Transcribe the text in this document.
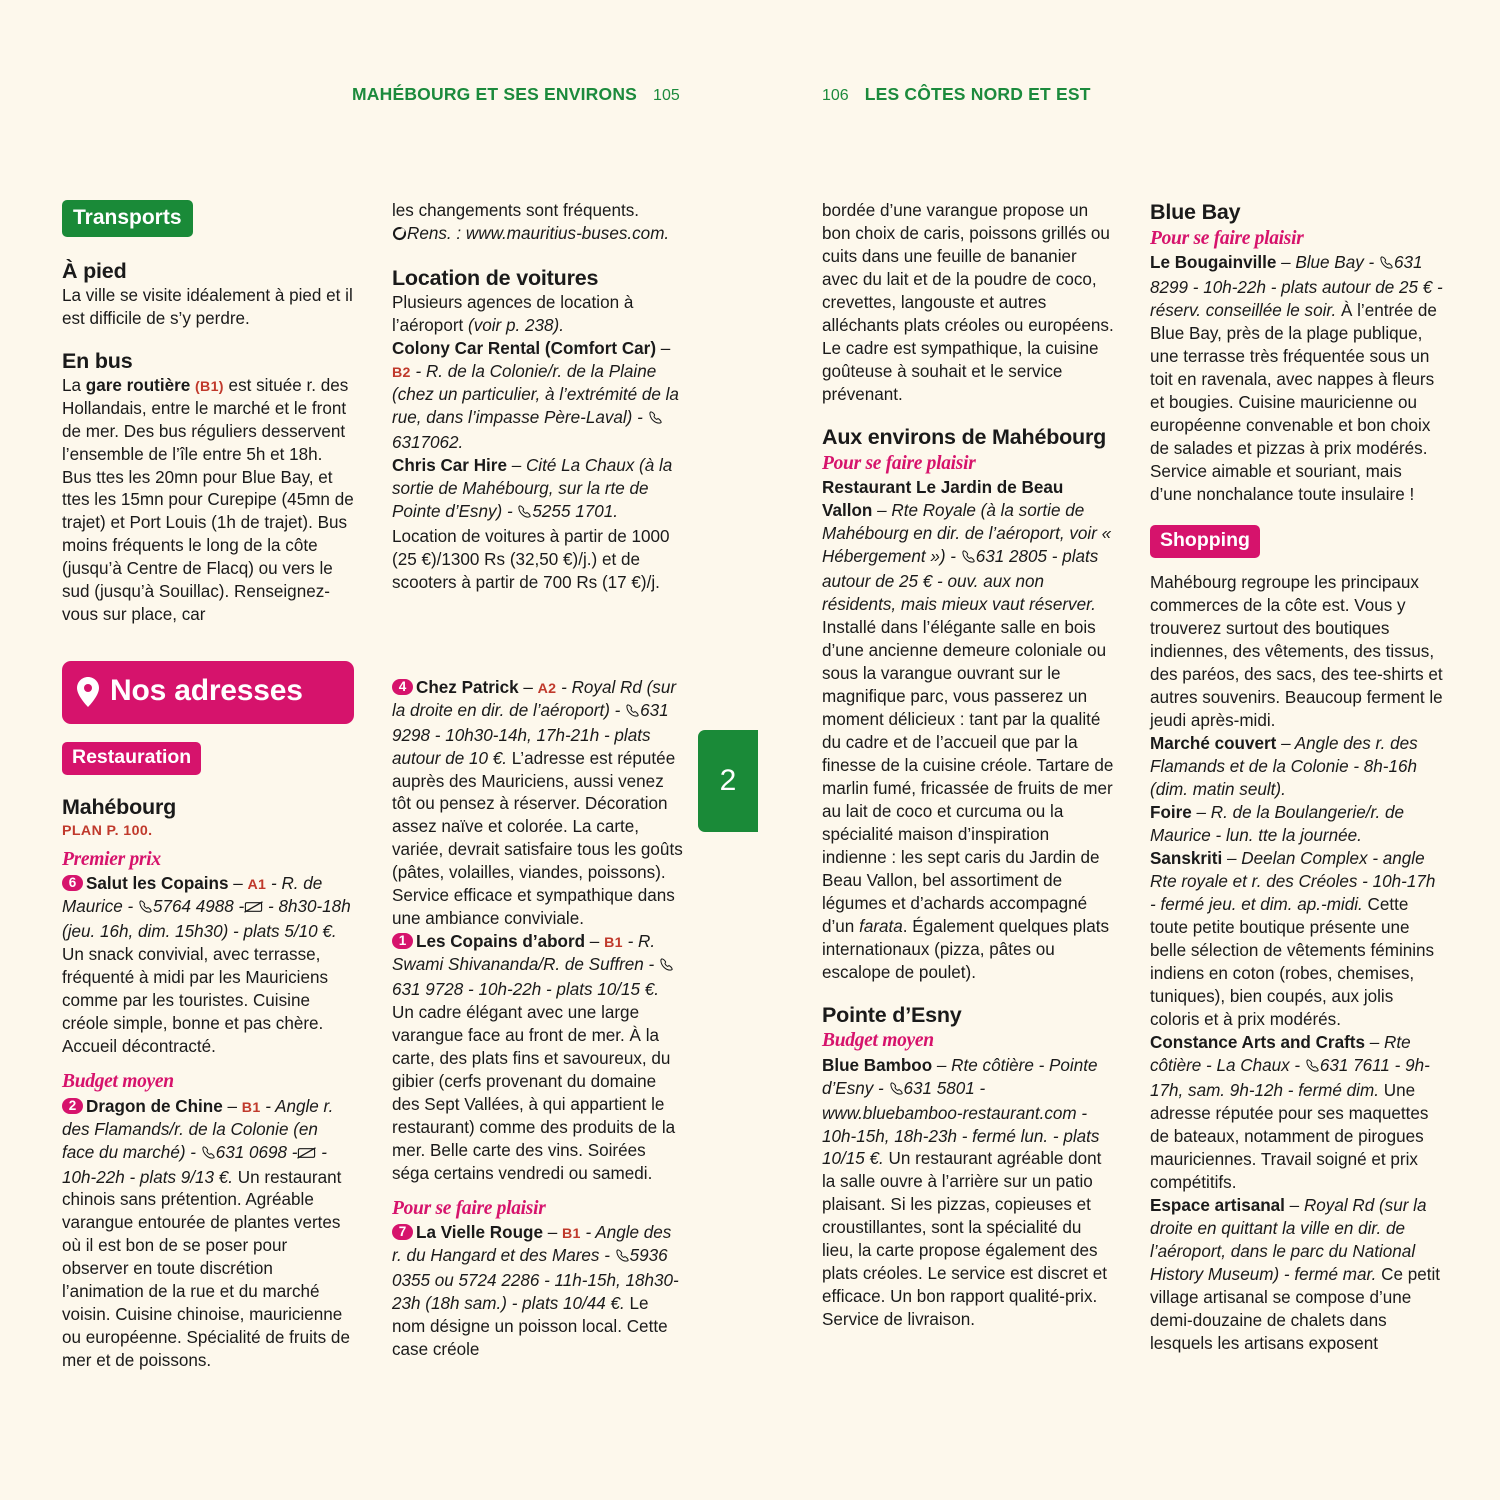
MAHÉBOURG ET SES ENVIRONS 105	106 LES CÔTES NORD ET EST
2
Transports
À pied

La ville se visite idéalement à pied et il est difficile de s’y perdre.

En bus

La gare routière (B1) est située r. des Hollandais, entre le marché et le front de mer. Des bus réguliers desservent l’ensemble de l’île entre 5h et 18h. Bus ttes les 20mn pour Blue Bay, et ttes les 15mn pour Curepipe (45mn de trajet) et Port Louis (1h de trajet). Bus moins fréquents le long de la côte (jusqu’à Centre de Flacq) ou vers le sud (jusqu’à Souillac). Renseignez-vous sur place, car

Nos adresses
Restauration
Mahébourg
PLAN P. 100.
Premier prix

6 Salut les Copains – A1 - R. de Maurice - 5764 4988 - - 8h30-18h (jeu. 16h, dim. 15h30) - plats 5/10 €. Un snack convivial, avec terrasse, fréquenté à midi par les Mauriciens comme par les touristes. Cuisine créole simple, bonne et pas chère. Accueil décontracté.

Budget moyen

2 Dragon de Chine – B1 - Angle r. des Flamands/r. de la Colonie (en face du marché) - 631 0698 - - 10h-22h - plats 9/13 €. Un restaurant chinois sans prétention. Agréable varangue entourée de plantes vertes où il est bon de se poser pour observer en toute discrétion l’animation de la rue et du marché voisin. Cuisine chinoise, mauricienne ou européenne. Spécialité de fruits de mer et de poissons.

les changements sont fréquents.

Rens. : www.mauritius-buses.com.

Location de voitures

Plusieurs agences de location à l’aéroport (voir p. 238).

Colony Car Rental (Comfort Car) – B2 - R. de la Colonie/r. de la Plaine (chez un particulier, à l’extrémité de la rue, dans l’impasse Père-Laval) - 6317062.

Chris Car Hire – Cité La Chaux (à la sortie de Mahébourg, sur la rte de Pointe d’Esny) - 5255 1701. Location de voitures à partir de 1000 (25 €)/1300 Rs (32,50 €)/j.) et de scooters à partir de 700 Rs (17 €)/j.

4 Chez Patrick – A2 - Royal Rd (sur la droite en dir. de l’aéroport) - 631 9298 - 10h30-14h, 17h-21h - plats autour de 10 €. L’adresse est réputée auprès des Mauriciens, aussi venez tôt ou pensez à réserver. Décoration assez naïve et colorée. La carte, variée, devrait satisfaire tous les goûts (pâtes, volailles, viandes, poissons). Service efficace et sympathique dans une ambiance conviviale.

1 Les Copains d’abord – B1 - R. Swami Shivananda/R. de Suffren - 631 9728 - 10h-22h - plats 10/15 €. Un cadre élégant avec une large varangue face au front de mer. À la carte, des plats fins et savoureux, du gibier (cerfs provenant du domaine des Sept Vallées, à qui appartient le restaurant) comme des produits de la mer. Belle carte des vins. Soirées séga certains vendredi ou samedi.

Pour se faire plaisir

7 La Vielle Rouge – B1 - Angle des r. du Hangard et des Mares - 5936 0355 ou 5724 2286 - 11h-15h, 18h30-23h (18h sam.) - plats 10/44 €. Le nom désigne un poisson local. Cette case créole

bordée d’une varangue propose un bon choix de caris, poissons grillés ou cuits dans une feuille de bananier avec du lait et de la poudre de coco, crevettes, langouste et autres alléchants plats créoles ou européens. Le cadre est sympathique, la cuisine goûteuse à souhait et le service prévenant.

Aux environs de Mahébourg
Pour se faire plaisir

Restaurant Le Jardin de Beau Vallon – Rte Royale (à la sortie de Mahébourg en dir. de l’aéroport, voir « Hébergement ») - 631 2805 - plats autour de 25 € - ouv. aux non résidents, mais mieux vaut réserver. Installé dans l’élégante salle en bois d’une ancienne demeure coloniale ou sous la varangue ouvrant sur le magnifique parc, vous passerez un moment délicieux : tant par la qualité du cadre et de l’accueil que par la finesse de la cuisine créole. Tartare de marlin fumé, fricassée de fruits de mer au lait de coco et curcuma ou la spécialité maison d’inspiration indienne : les sept caris du Jardin de Beau Vallon, bel assortiment de légumes et d’achards accompagné d’un farata. Également quelques plats internationaux (pizza, pâtes ou escalope de poulet).

Pointe d’Esny
Budget moyen

Blue Bamboo – Rte côtière - Pointe d’Esny - 631 5801 - www.bluebamboo-restaurant.com - 10h-15h, 18h-23h - fermé lun. - plats 10/15 €. Un restaurant agréable dont la salle ouvre à l’arrière sur un patio plaisant. Si les pizzas, copieuses et croustillantes, sont la spécialité du lieu, la carte propose également des plats créoles. Le service est discret et efficace. Un bon rapport qualité-prix. Service de livraison.

Blue Bay
Pour se faire plaisir

Le Bougainville – Blue Bay - 631 8299 - 10h-22h - plats autour de 25 € - réserv. conseillée le soir. À l’entrée de Blue Bay, près de la plage publique, une terrasse très fréquentée sous un toit en ravenala, avec nappes à fleurs et bougies. Cuisine mauricienne ou européenne convenable et bon choix de salades et pizzas à prix modérés. Service aimable et souriant, mais d’une nonchalance toute insulaire !

Shopping

Mahébourg regroupe les principaux commerces de la côte est. Vous y trouverez surtout des boutiques indiennes, des vêtements, des tissus, des paréos, des sacs, des tee-shirts et autres souvenirs. Beaucoup ferment le jeudi après-midi.

Marché couvert – Angle des r. des Flamands et de la Colonie - 8h-16h (dim. matin seult).

Foire – R. de la Boulangerie/r. de Maurice - lun. tte la journée.

Sanskriti – Deelan Complex - angle Rte royale et r. des Créoles - 10h-17h - fermé jeu. et dim. ap.-midi. Cette toute petite boutique présente une belle sélection de vêtements féminins indiens en coton (robes, chemises, tuniques), bien coupés, aux jolis coloris et à prix modérés.

Constance Arts and Crafts – Rte côtière - La Chaux - 631 7611 - 9h-17h, sam. 9h-12h - fermé dim. Une adresse réputée pour ses maquettes de bateaux, notamment de pirogues mauriciennes. Travail soigné et prix compétitifs.

Espace artisanal – Royal Rd (sur la droite en quittant la ville en dir. de l’aéroport, dans le parc du National History Museum) - fermé mar. Ce petit village artisanal se compose d’une demi-douzaine de chalets dans lesquels les artisans exposent
